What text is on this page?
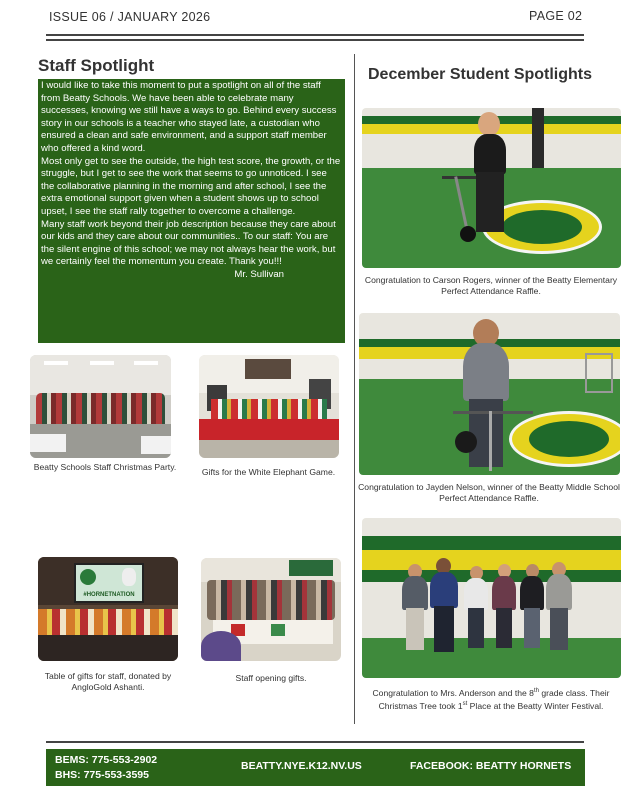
ISSUE 06 / JANUARY 2026	PAGE 02
Staff Spotlight

I would like to take this moment to put a spotlight on all of the staff from Beatty Schools. We have been able to celebrate many successes, knowing we still have a ways to go. Behind every success story in our schools is a teacher who stayed late, a custodian who ensured a clean and safe environment, and a support staff member who offered a kind word.

Most only get to see the outside, the high test score, the growth, or the struggle, but I get to see the work that seems to go unnoticed. I see the collaborative planning in the morning and after school, I see the extra emotional support given when a student shows up to school upset, I see the staff rally together to overcome a challenge.

Many staff work beyond their job description because they care about our kids and they care about our communities.. To our staff: You are the silent engine of this school; we may not always hear the work, but we certainly feel the momentum you create. Thank you!!!

Mr. Sullivan

Beatty Schools Staff Christmas Party.	Gifts for the White Elephant Game.
#HORNETNATION
Table of gifts for staff, donated by AngloGold Ashanti.
Staff opening gifts.
December Student Spotlights
Congratulation to Carson Rogers, winner of the Beatty Elementary Perfect Attendance Raffle.
Congratulation to Jayden Nelson, winner of the Beatty Middle School Perfect Attendance Raffle.
Congratulation to Mrs. Anderson and the 8th grade class. Their Christmas Tree took 1st Place at the Beatty Winter Festival.
BEMS: 775-553-2902
BHS: 775-553-3595
BEATTY.NYE.K12.NV.US	FACEBOOK: BEATTY HORNETS
